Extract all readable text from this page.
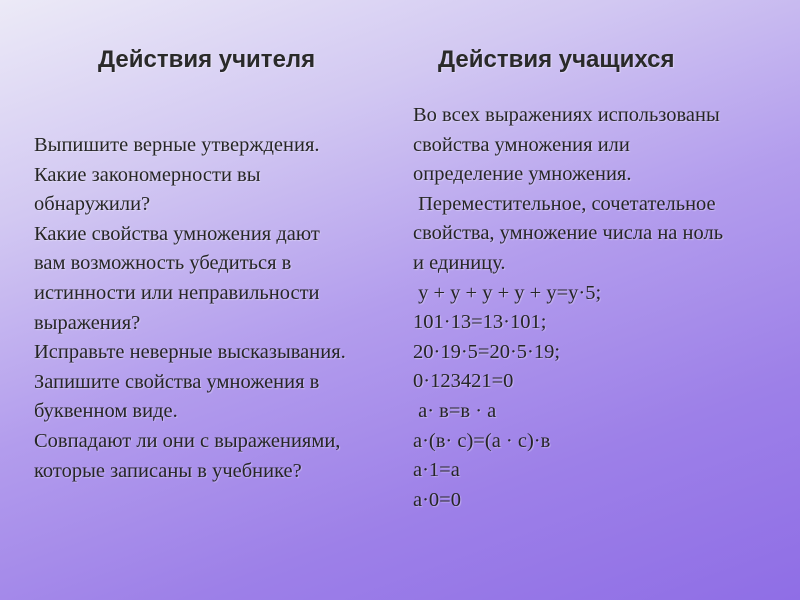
Действия учителя	Действия учащихся
Выпишите верные утверждения.
Какие закономерности вы
обнаружили?
Какие свойства умножения дают
вам возможность убедиться в
истинности или неправильности
выражения?
Исправьте неверные высказывания.
Запишите свойства умножения в
буквенном виде.
Совпадают ли они с выражениями,
которые записаны в учебнике?
Во всех выражениях использованы
свойства умножения или
определение умножения.
Переместительное, сочетательное
свойства, умножение числа на ноль
и единицу.
у + у + у + у + у=у·5;
101·13=13·101;
20·19·5=20·5·19;
0·123421=0
а· в=в · а
а·(в· с)=(а · с)·в
а·1=а
а·0=0
